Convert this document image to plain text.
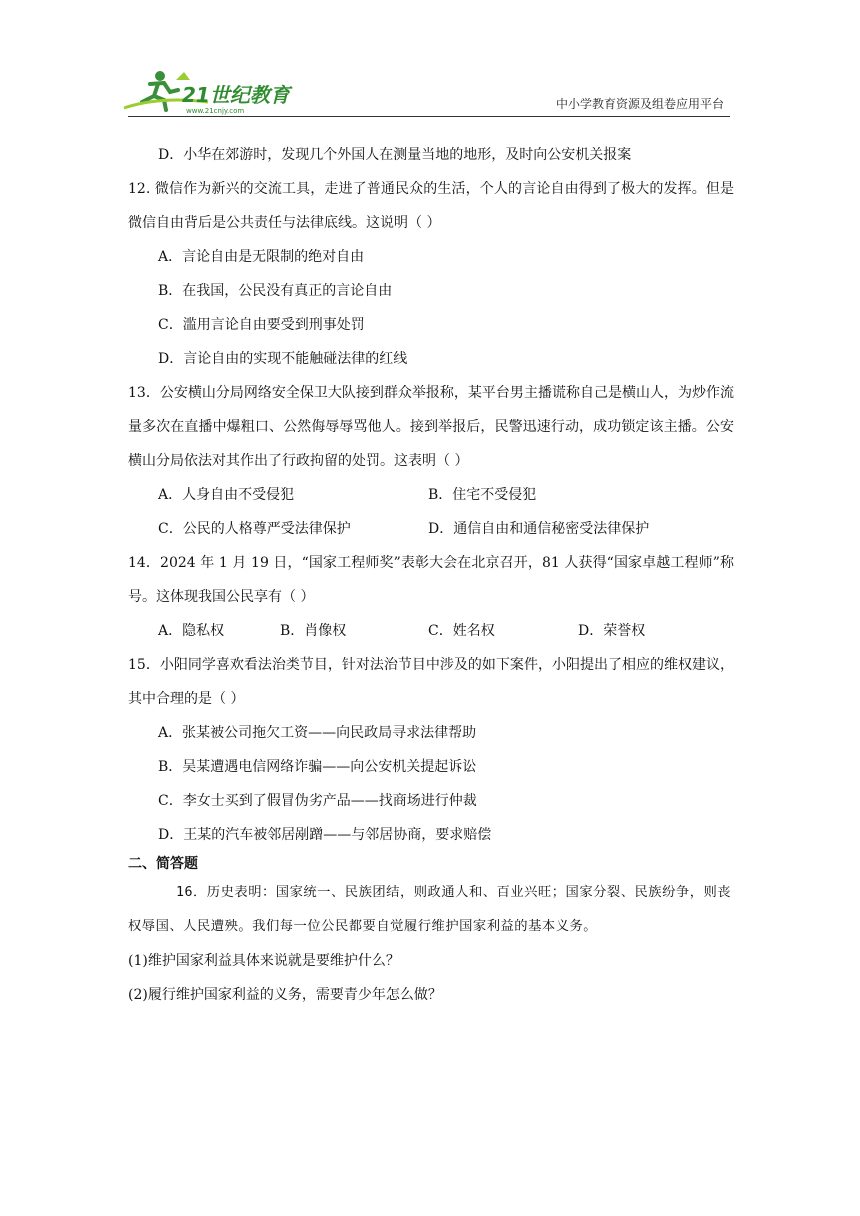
21世纪教育
www.21cnjy.com	中小学教育资源及组卷应用平台
D．小华在郊游时，发现几个外国人在测量当地的地形，及时向公安机关报案

12. 微信作为新兴的交流工具，走进了普通民众的生活，个人的言论自由得到了极大的发挥。但是微信自由背后是公共责任与法律底线。这说明（ ）

A．言论自由是无限制的绝对自由
B．在我国，公民没有真正的言论自由
C．滥用言论自由要受到刑事处罚
D．言论自由的实现不能触碰法律的红线

13．公安横山分局网络安全保卫大队接到群众举报称，某平台男主播谎称自己是横山人，为炒作流量多次在直播中爆粗口、公然侮辱辱骂他人。接到举报后，民警迅速行动，成功锁定该主播。公安横山分局依法对其作出了行政拘留的处罚。这表明（ ）

A．人身自由不受侵犯	B．住宅不受侵犯
C．公民的人格尊严受法律保护	D．通信自由和通信秘密受法律保护

14．2024 年 1 月 19 日，“国家工程师奖”表彰大会在北京召开，81 人获得“国家卓越工程师”称号。这体现我国公民享有（ ）

A．隐私权	B．肖像权	C．姓名权	D．荣誉权

15．小阳同学喜欢看法治类节目，针对法治节目中涉及的如下案件，小阳提出了相应的维权建议，其中合理的是（ ）

A．张某被公司拖欠工资——向民政局寻求法律帮助
B．吴某遭遇电信网络诈骗——向公安机关提起诉讼
C．李女士买到了假冒伪劣产品——找商场进行仲裁
D．王某的汽车被邻居剐蹭——与邻居协商，要求赔偿
二、简答题

16．历史表明：国家统一、民族团结，则政通人和、百业兴旺；国家分裂、民族纷争，则丧权辱国、人民遭殃。我们每一位公民都要自觉履行维护国家利益的基本义务。

(1)维护国家利益具体来说就是要维护什么？

(2)履行维护国家利益的义务，需要青少年怎么做？
